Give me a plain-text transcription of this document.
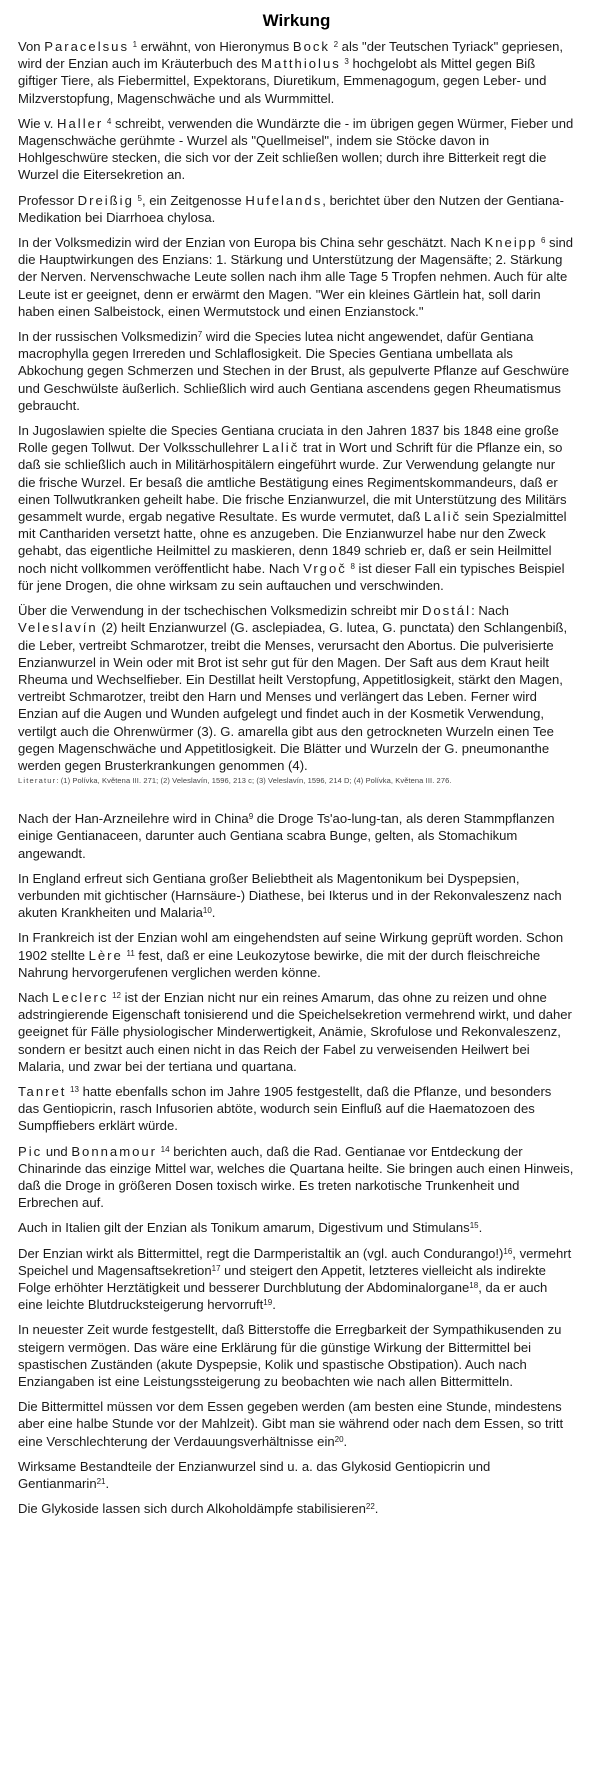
Wirkung

Von Paracelsus $^1$ erwähnt, von Hieronymus Bock $^2$ als "der Teutschen Tyriack" gepriesen, wird der Enzian auch im Kräuterbuch des Matthiolus $^3$ hochgelobt als Mittel gegen Biß giftiger Tiere, als Fiebermittel, Expektorans, Diuretikum, Emmenagogum, gegen Leber- und Milzverstopfung, Magenschwäche und als Wurmmittel.

Wie v. Haller $^4$ schreibt, verwenden die Wundärzte die - im übrigen gegen Würmer, Fieber und Magenschwäche gerühmte - Wurzel als "Quellmeisel", indem sie Stöcke davon in Hohlgeschwüre stecken, die sich vor der Zeit schließen wollen; durch ihre Bitterkeit regt die Wurzel die Eitersekretion an.

Professor Dreißig $^5$, ein Zeitgenosse Hufelands, berichtet über den Nutzen der Gentiana-Medikation bei Diarrhoea chylosa.

In der Volksmedizin wird der Enzian von Europa bis China sehr geschätzt. Nach Kneipp $^6$ sind die Hauptwirkungen des Enzians: 1. Stärkung und Unterstützung der Magensäfte; 2. Stärkung der Nerven. Nervenschwache Leute sollen nach ihm alle Tage 5 Tropfen nehmen. Auch für alte Leute ist er geeignet, denn er erwärmt den Magen. "Wer ein kleines Gärtlein hat, soll darin haben einen Salbeistock, einen Wermutstock und einen Enzianstock."

In der russischen Volksmedizin$^7$ wird die Species lutea nicht angewendet, dafür Gentiana macrophylla gegen Irrereden und Schlaflosigkeit. Die Species Gentiana umbellata als Abkochung gegen Schmerzen und Stechen in der Brust, als gepulverte Pflanze auf Geschwüre und Geschwülste äußerlich. Schließlich wird auch Gentiana ascendens gegen Rheumatismus gebraucht.

In Jugoslawien spielte die Species Gentiana cruciata in den Jahren 1837 bis 1848 eine große Rolle gegen Tollwut. Der Volksschullehrer Lalič trat in Wort und Schrift für die Pflanze ein, so daß sie schließlich auch in Militärhospitälern eingeführt wurde. Zur Verwendung gelangte nur die frische Wurzel. Er besaß die amtliche Bestätigung eines Regimentskommandeurs, daß er einen Tollwutkranken geheilt habe. Die frische Enzianwurzel, die mit Unterstützung des Militärs gesammelt wurde, ergab negative Resultate. Es wurde vermutet, daß Lalič sein Spezialmittel mit Canthariden versetzt hatte, ohne es anzugeben. Die Enzianwurzel habe nur den Zweck gehabt, das eigentliche Heilmittel zu maskieren, denn 1849 schrieb er, daß er sein Heilmittel noch nicht vollkommen veröffentlicht habe. Nach Vrgoč $^8$ ist dieser Fall ein typisches Beispiel für jene Drogen, die ohne wirksam zu sein auftauchen und verschwinden.

Über die Verwendung in der tschechischen Volksmedizin schreibt mir Dostál: Nach Veleslavín (2) heilt Enzianwurzel (G. asclepiadea, G. lutea, G. punctata) den Schlangenbiß, die Leber, vertreibt Schmarotzer, treibt die Menses, verursacht den Abortus. Die pulverisierte Enzianwurzel in Wein oder mit Brot ist sehr gut für den Magen. Der Saft aus dem Kraut heilt Rheuma und Wechselfieber. Ein Destillat heilt Verstopfung, Appetitlosigkeit, stärkt den Magen, vertreibt Schmarotzer, treibt den Harn und Menses und verlängert das Leben. Ferner wird Enzian auf die Augen und Wunden aufgelegt und findet auch in der Kosmetik Verwendung, vertilgt auch die Ohrenwürmer (3). G. amarella gibt aus den getrockneten Wurzeln einen Tee gegen Magenschwäche und Appetitlosigkeit. Die Blätter und Wurzeln der G. pneumonanthe werden gegen Brusterkrankungen genommen (4).

Literatur: (1) Polívka, Květena III. 271; (2) Veleslavín, 1596, 213 c; (3) Veleslavín, 1596, 214 D; (4) Polívka, Květena III. 276.

Nach der Han-Arzneilehre wird in China$^9$ die Droge Ts'ao-lung-tan, als deren Stammpflanzen einige Gentianaceen, darunter auch Gentiana scabra Bunge, gelten, als Stomachikum angewandt.

In England erfreut sich Gentiana großer Beliebtheit als Magentonikum bei Dyspepsien, verbunden mit gichtischer (Harnsäure-) Diathese, bei Ikterus und in der Rekonvaleszenz nach akuten Krankheiten und Malaria$^{10}$.

In Frankreich ist der Enzian wohl am eingehendsten auf seine Wirkung geprüft worden. Schon 1902 stellte Lère $^{11}$ fest, daß er eine Leukozytose bewirke, die mit der durch fleischreiche Nahrung hervorgerufenen verglichen werden könne.

Nach Leclerc $^{12}$ ist der Enzian nicht nur ein reines Amarum, das ohne zu reizen und ohne adstringierende Eigenschaft tonisierend und die Speichelsekretion vermehrend wirkt, und daher geeignet für Fälle physiologischer Minderwertigkeit, Anämie, Skrofulose und Rekonvaleszenz, sondern er besitzt auch einen nicht in das Reich der Fabel zu verweisenden Heilwert bei Malaria, und zwar bei der tertiana und quartana.

Tanret $^{13}$ hatte ebenfalls schon im Jahre 1905 festgestellt, daß die Pflanze, und besonders das Gentiopicrin, rasch Infusorien abtöte, wodurch sein Einfluß auf die Haematozoen des Sumpffiebers erklärt würde.

Pic und Bonnamour $^{14}$ berichten auch, daß die Rad. Gentianae vor Entdeckung der Chinarinde das einzige Mittel war, welches die Quartana heilte. Sie bringen auch einen Hinweis, daß die Droge in größeren Dosen toxisch wirke. Es treten narkotische Trunkenheit und Erbrechen auf.

Auch in Italien gilt der Enzian als Tonikum amarum, Digestivum und Stimulans$^{15}$.

Der Enzian wirkt als Bittermittel, regt die Darmperistaltik an (vgl. auch Condurango!)$^{16}$, vermehrt Speichel und Magensaftsekretion$^{17}$ und steigert den Appetit, letzteres vielleicht als indirekte Folge erhöhter Herztätigkeit und besserer Durchblutung der Abdominalorgane$^{18}$, da er auch eine leichte Blutdrucksteigerung hervorruft$^{19}$.

In neuester Zeit wurde festgestellt, daß Bitterstoffe die Erregbarkeit der Sympathikusenden zu steigern vermögen. Das wäre eine Erklärung für die günstige Wirkung der Bittermittel bei spastischen Zuständen (akute Dyspepsie, Kolik und spastische Obstipation). Auch nach Enziangaben ist eine Leistungssteigerung zu beobachten wie nach allen Bittermitteln.

Die Bittermittel müssen vor dem Essen gegeben werden (am besten eine Stunde, mindestens aber eine halbe Stunde vor der Mahlzeit). Gibt man sie während oder nach dem Essen, so tritt eine Verschlechterung der Verdauungsverhältnisse ein$^{20}$.

Wirksame Bestandteile der Enzianwurzel sind u. a. das Glykosid Gentiopicrin und Gentianmarin$^{21}$.

Die Glykoside lassen sich durch Alkoholdämpfe stabilisieren$^{22}$.
